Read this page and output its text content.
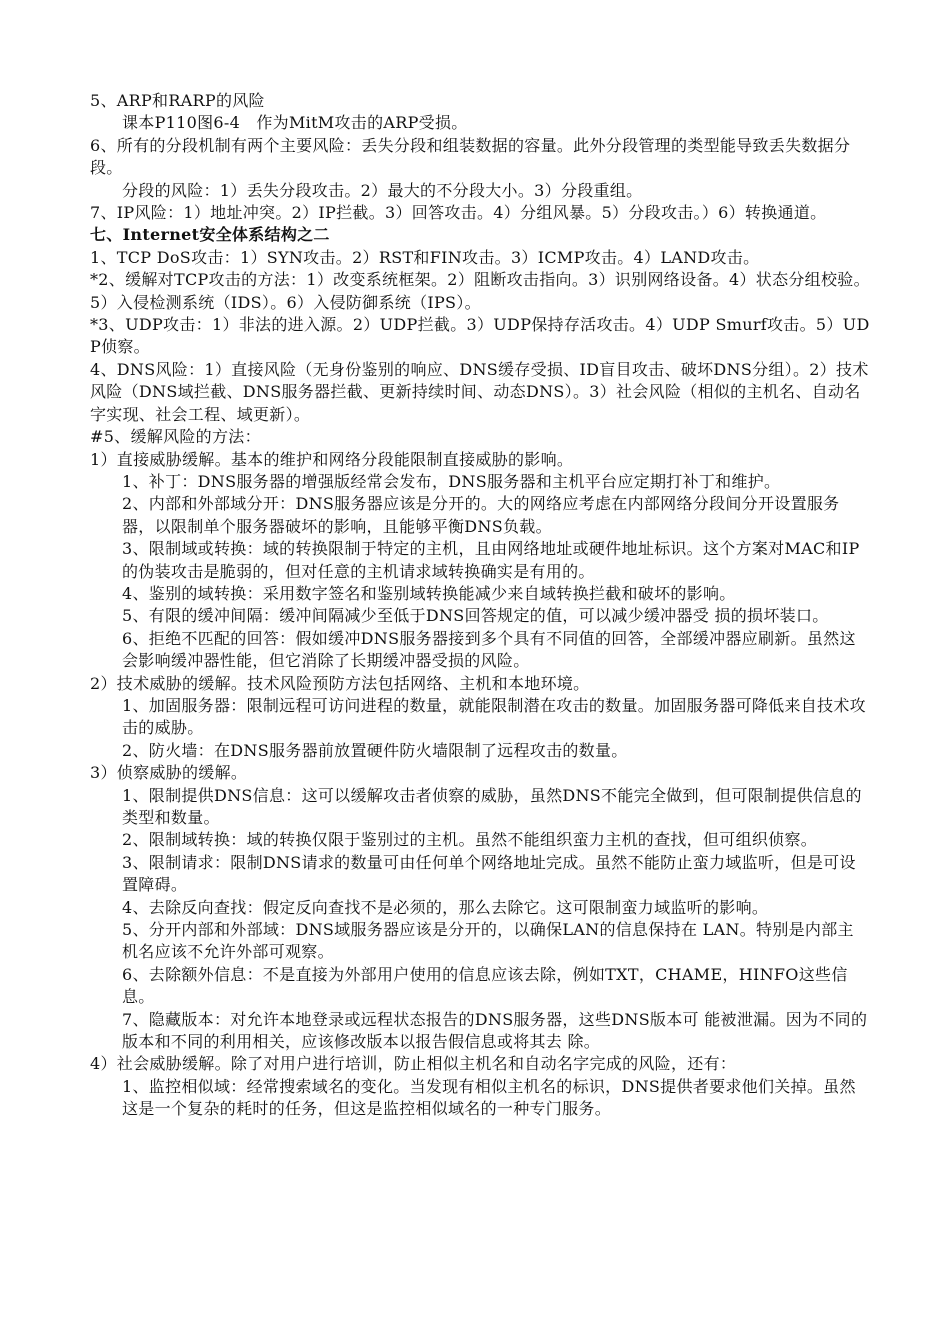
5、ARP和RARP的风险

课本P110图6-4　作为MitM攻击的ARP受损。

6、所有的分段机制有两个主要风险：丢失分段和组装数据的容量。此外分段管理的类型能导致丢失数据分段。

分段的风险：1）丢失分段攻击。2）最大的不分段大小。3）分段重组。

7、IP风险：1）地址冲突。2）IP拦截。3）回答攻击。4）分组风暴。5）分段攻击。）6）转换通道。

七、Internet安全体系结构之二

1、TCP DoS攻击：1）SYN攻击。2）RST和FIN攻击。3）ICMP攻击。4）LAND攻击。

*2、缓解对TCP攻击的方法：1）改变系统框架。2）阻断攻击指向。3）识别网络设备。4）状态分组校验。5）入侵检测系统（IDS）。6）入侵防御系统（IPS）。

*3、UDP攻击：1）非法的进入源。2）UDP拦截。3）UDP保持存活攻击。4）UDP Smurf攻击。5）UDP侦察。

4、DNS风险：1）直接风险（无身份鉴别的响应、DNS缓存受损、ID盲目攻击、破坏DNS分组）。2）技术风险（DNS域拦截、DNS服务器拦截、更新持续时间、动态DNS）。3）社会风险（相似的主机名、自动名字实现、社会工程、域更新）。

#5、缓解风险的方法：

1）直接威胁缓解。基本的维护和网络分段能限制直接威胁的影响。

1、补丁：DNS服务器的增强版经常会发布，DNS服务器和主机平台应定期打补丁和维护。

2、内部和外部域分开：DNS服务器应该是分开的。大的网络应考虑在内部网络分段间分开设置服务器，以限制单个服务器破坏的影响，且能够平衡DNS负载。

3、限制域或转换：域的转换限制于特定的主机，且由网络地址或硬件地址标识。这个方案对MAC和IP的伪装攻击是脆弱的，但对任意的主机请求域转换确实是有用的。

4、鉴别的域转换：采用数字签名和鉴别域转换能减少来自域转换拦截和破坏的影响。

5、有限的缓冲间隔：缓冲间隔减少至低于DNS回答规定的值，可以减少缓冲器受 损的损坏装口。

6、拒绝不匹配的回答：假如缓冲DNS服务器接到多个具有不同值的回答，全部缓冲器应刷新。虽然这会影响缓冲器性能，但它消除了长期缓冲器受损的风险。

2）技术威胁的缓解。技术风险预防方法包括网络、主机和本地环境。

1、加固服务器：限制远程可访问进程的数量，就能限制潜在攻击的数量。加固服务器可降低来自技术攻击的威胁。

2、防火墙：在DNS服务器前放置硬件防火墙限制了远程攻击的数量。

3）侦察威胁的缓解。

1、限制提供DNS信息：这可以缓解攻击者侦察的威胁，虽然DNS不能完全做到，但可限制提供信息的类型和数量。

2、限制域转换：域的转换仅限于鉴别过的主机。虽然不能组织蛮力主机的查找，但可组织侦察。

3、限制请求：限制DNS请求的数量可由任何单个网络地址完成。虽然不能防止蛮力域监听，但是可设置障碍。

4、去除反向查找：假定反向查找不是必须的，那么去除它。这可限制蛮力域监听的影响。

5、分开内部和外部域：DNS域服务器应该是分开的，以确保LAN的信息保持在 LAN。特别是内部主机名应该不允许外部可观察。

6、去除额外信息：不是直接为外部用户使用的信息应该去除，例如TXT，CHAME，HINFO这些信息。

7、隐藏版本：对允许本地登录或远程状态报告的DNS服务器，这些DNS版本可 能被泄漏。因为不同的版本和不同的利用相关，应该修改版本以报告假信息或将其去 除。

4）社会威胁缓解。除了对用户进行培训，防止相似主机名和自动名字完成的风险，还有：

1、监控相似域：经常搜索域名的变化。当发现有相似主机名的标识，DNS提供者要求他们关掉。虽然这是一个复杂的耗时的任务，但这是监控相似域名的一种专门服务。
